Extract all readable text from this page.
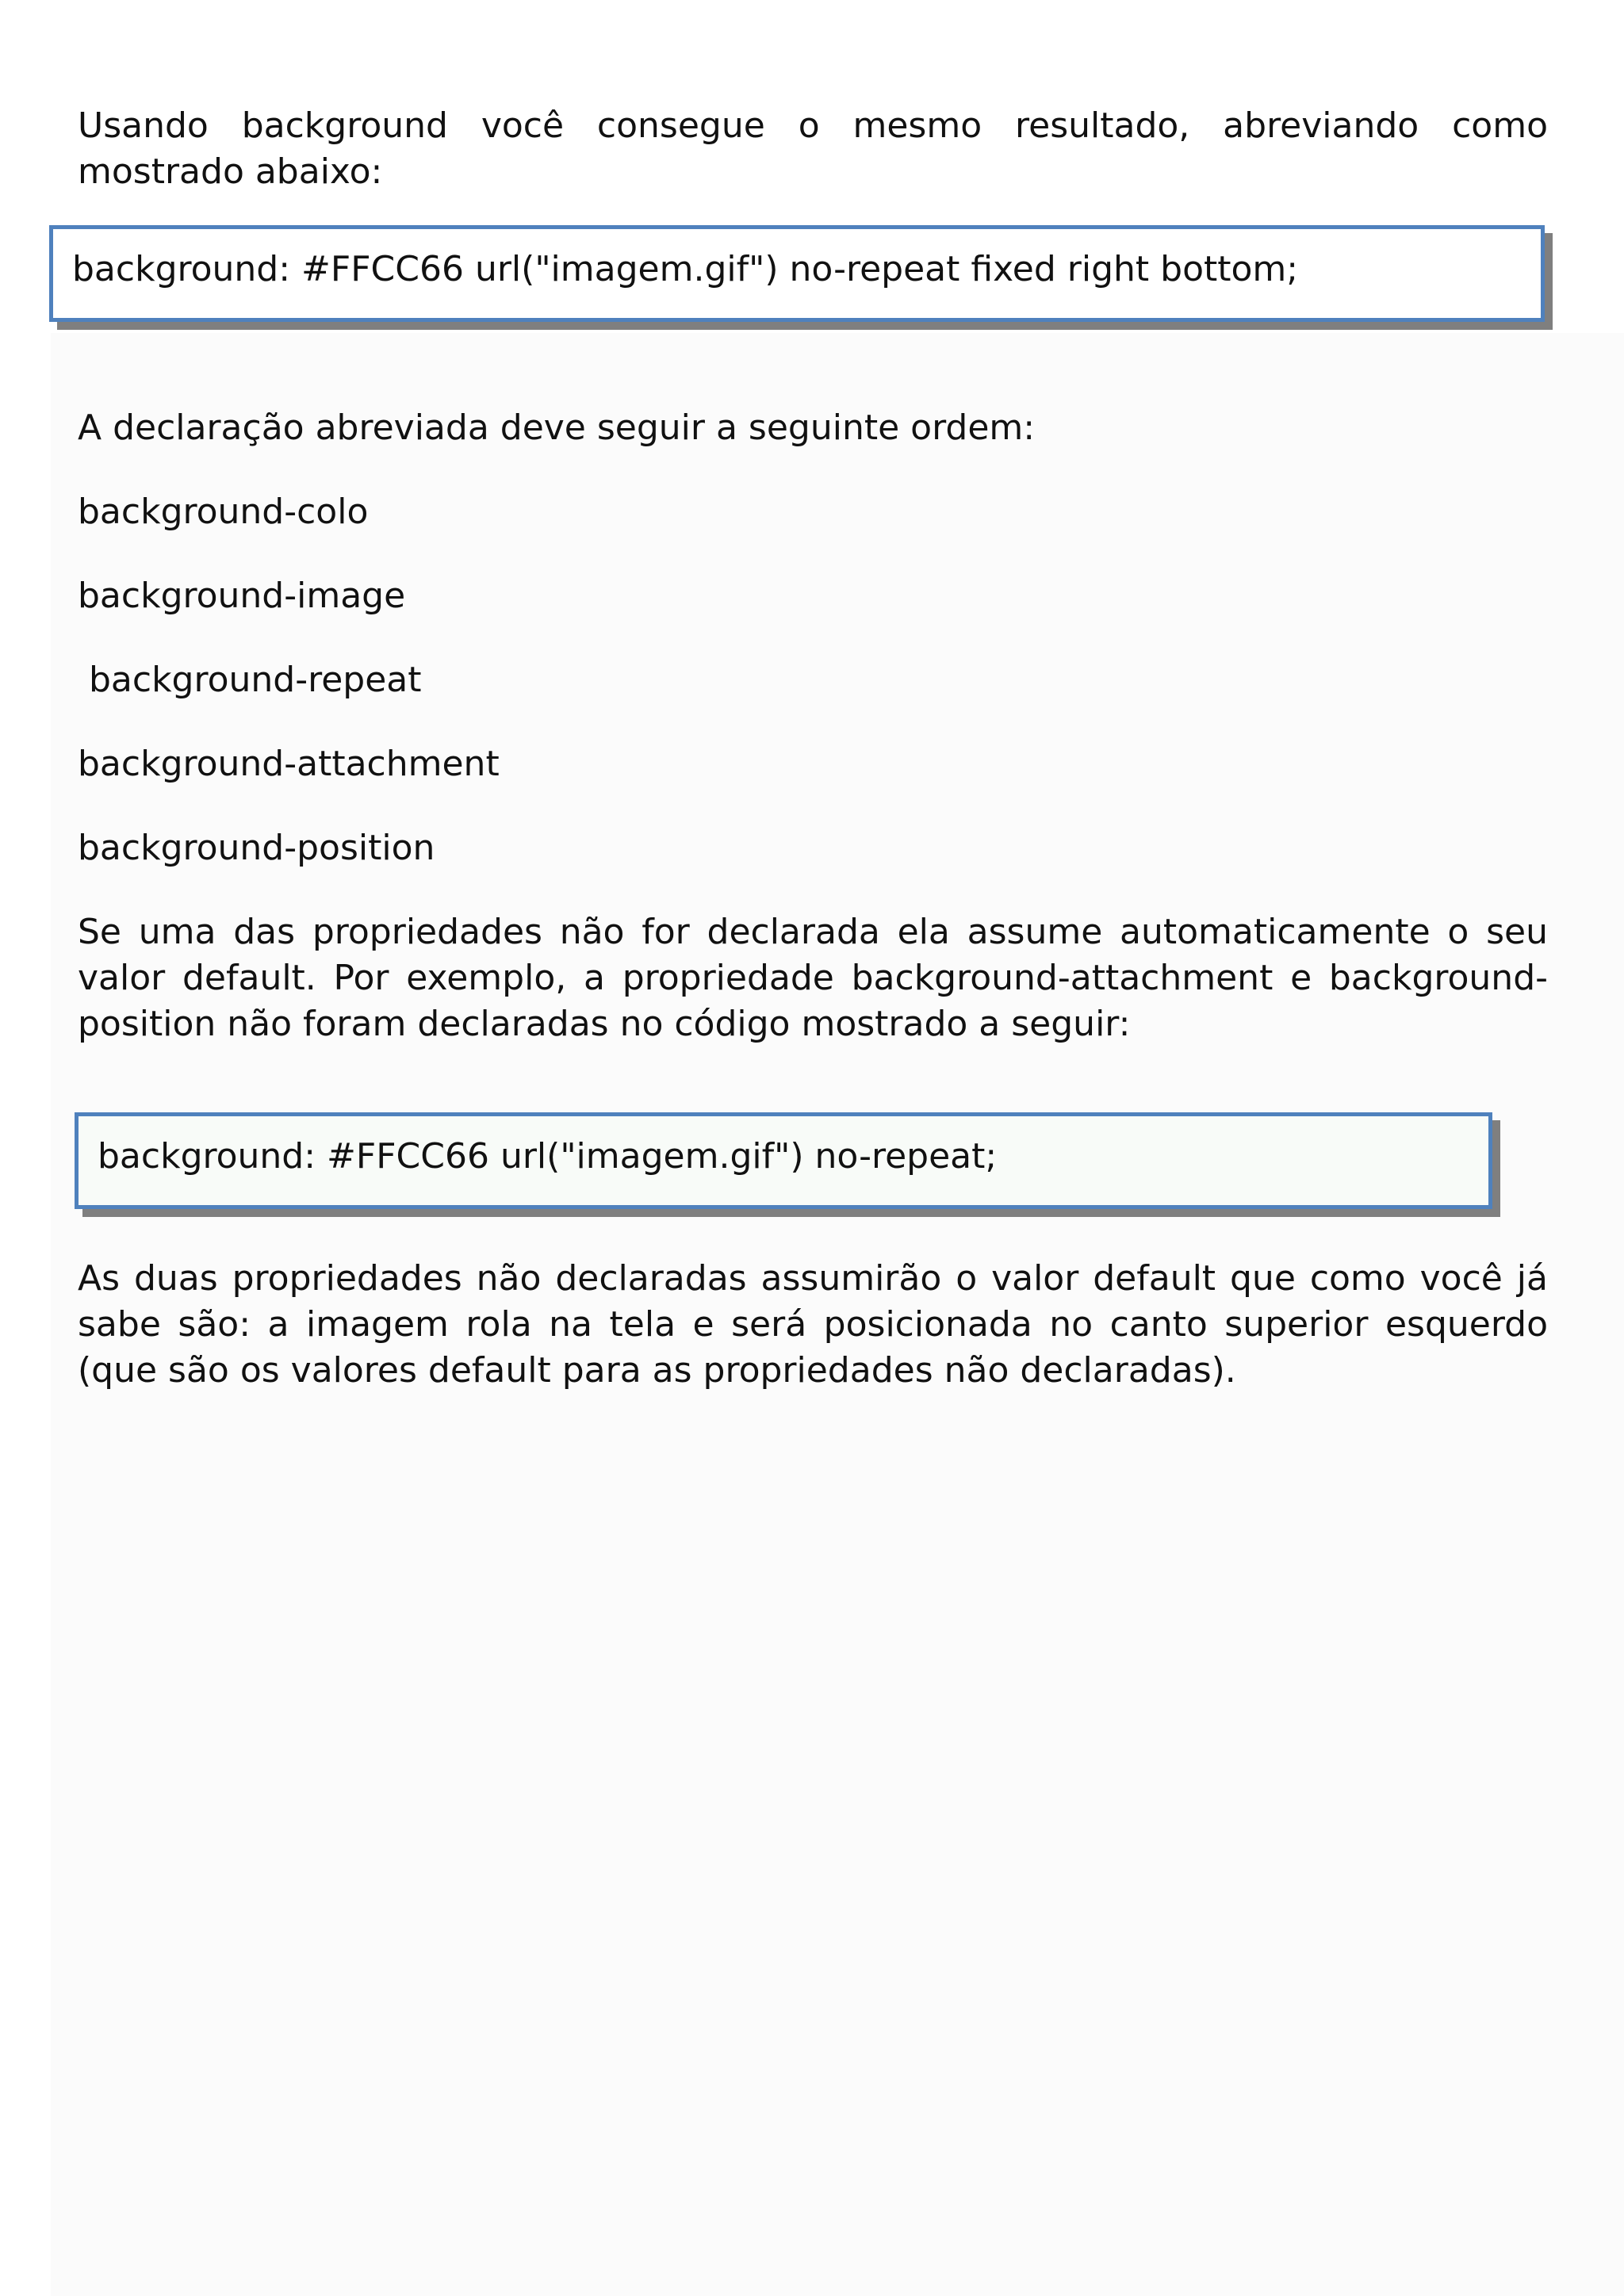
Usando background você consegue o mesmo resultado, abreviando como mostrado abaixo:

background: #FFCC66 url("imagem.gif") no-repeat fixed right bottom;

A declaração abreviada deve seguir a seguinte ordem:

background-colo

background-image

background-repeat

background-attachment

background-position

Se uma das propriedades não for declarada ela assume automaticamente o seu valor default. Por exemplo, a propriedade background-attachment e background-position não foram declaradas no código mostrado a seguir:

background: #FFCC66 url("imagem.gif") no-repeat;

As duas propriedades não declaradas assumirão o valor default que como você já sabe são: a imagem rola na tela e será posicionada no canto superior esquerdo (que são os valores default para as propriedades não declaradas).
